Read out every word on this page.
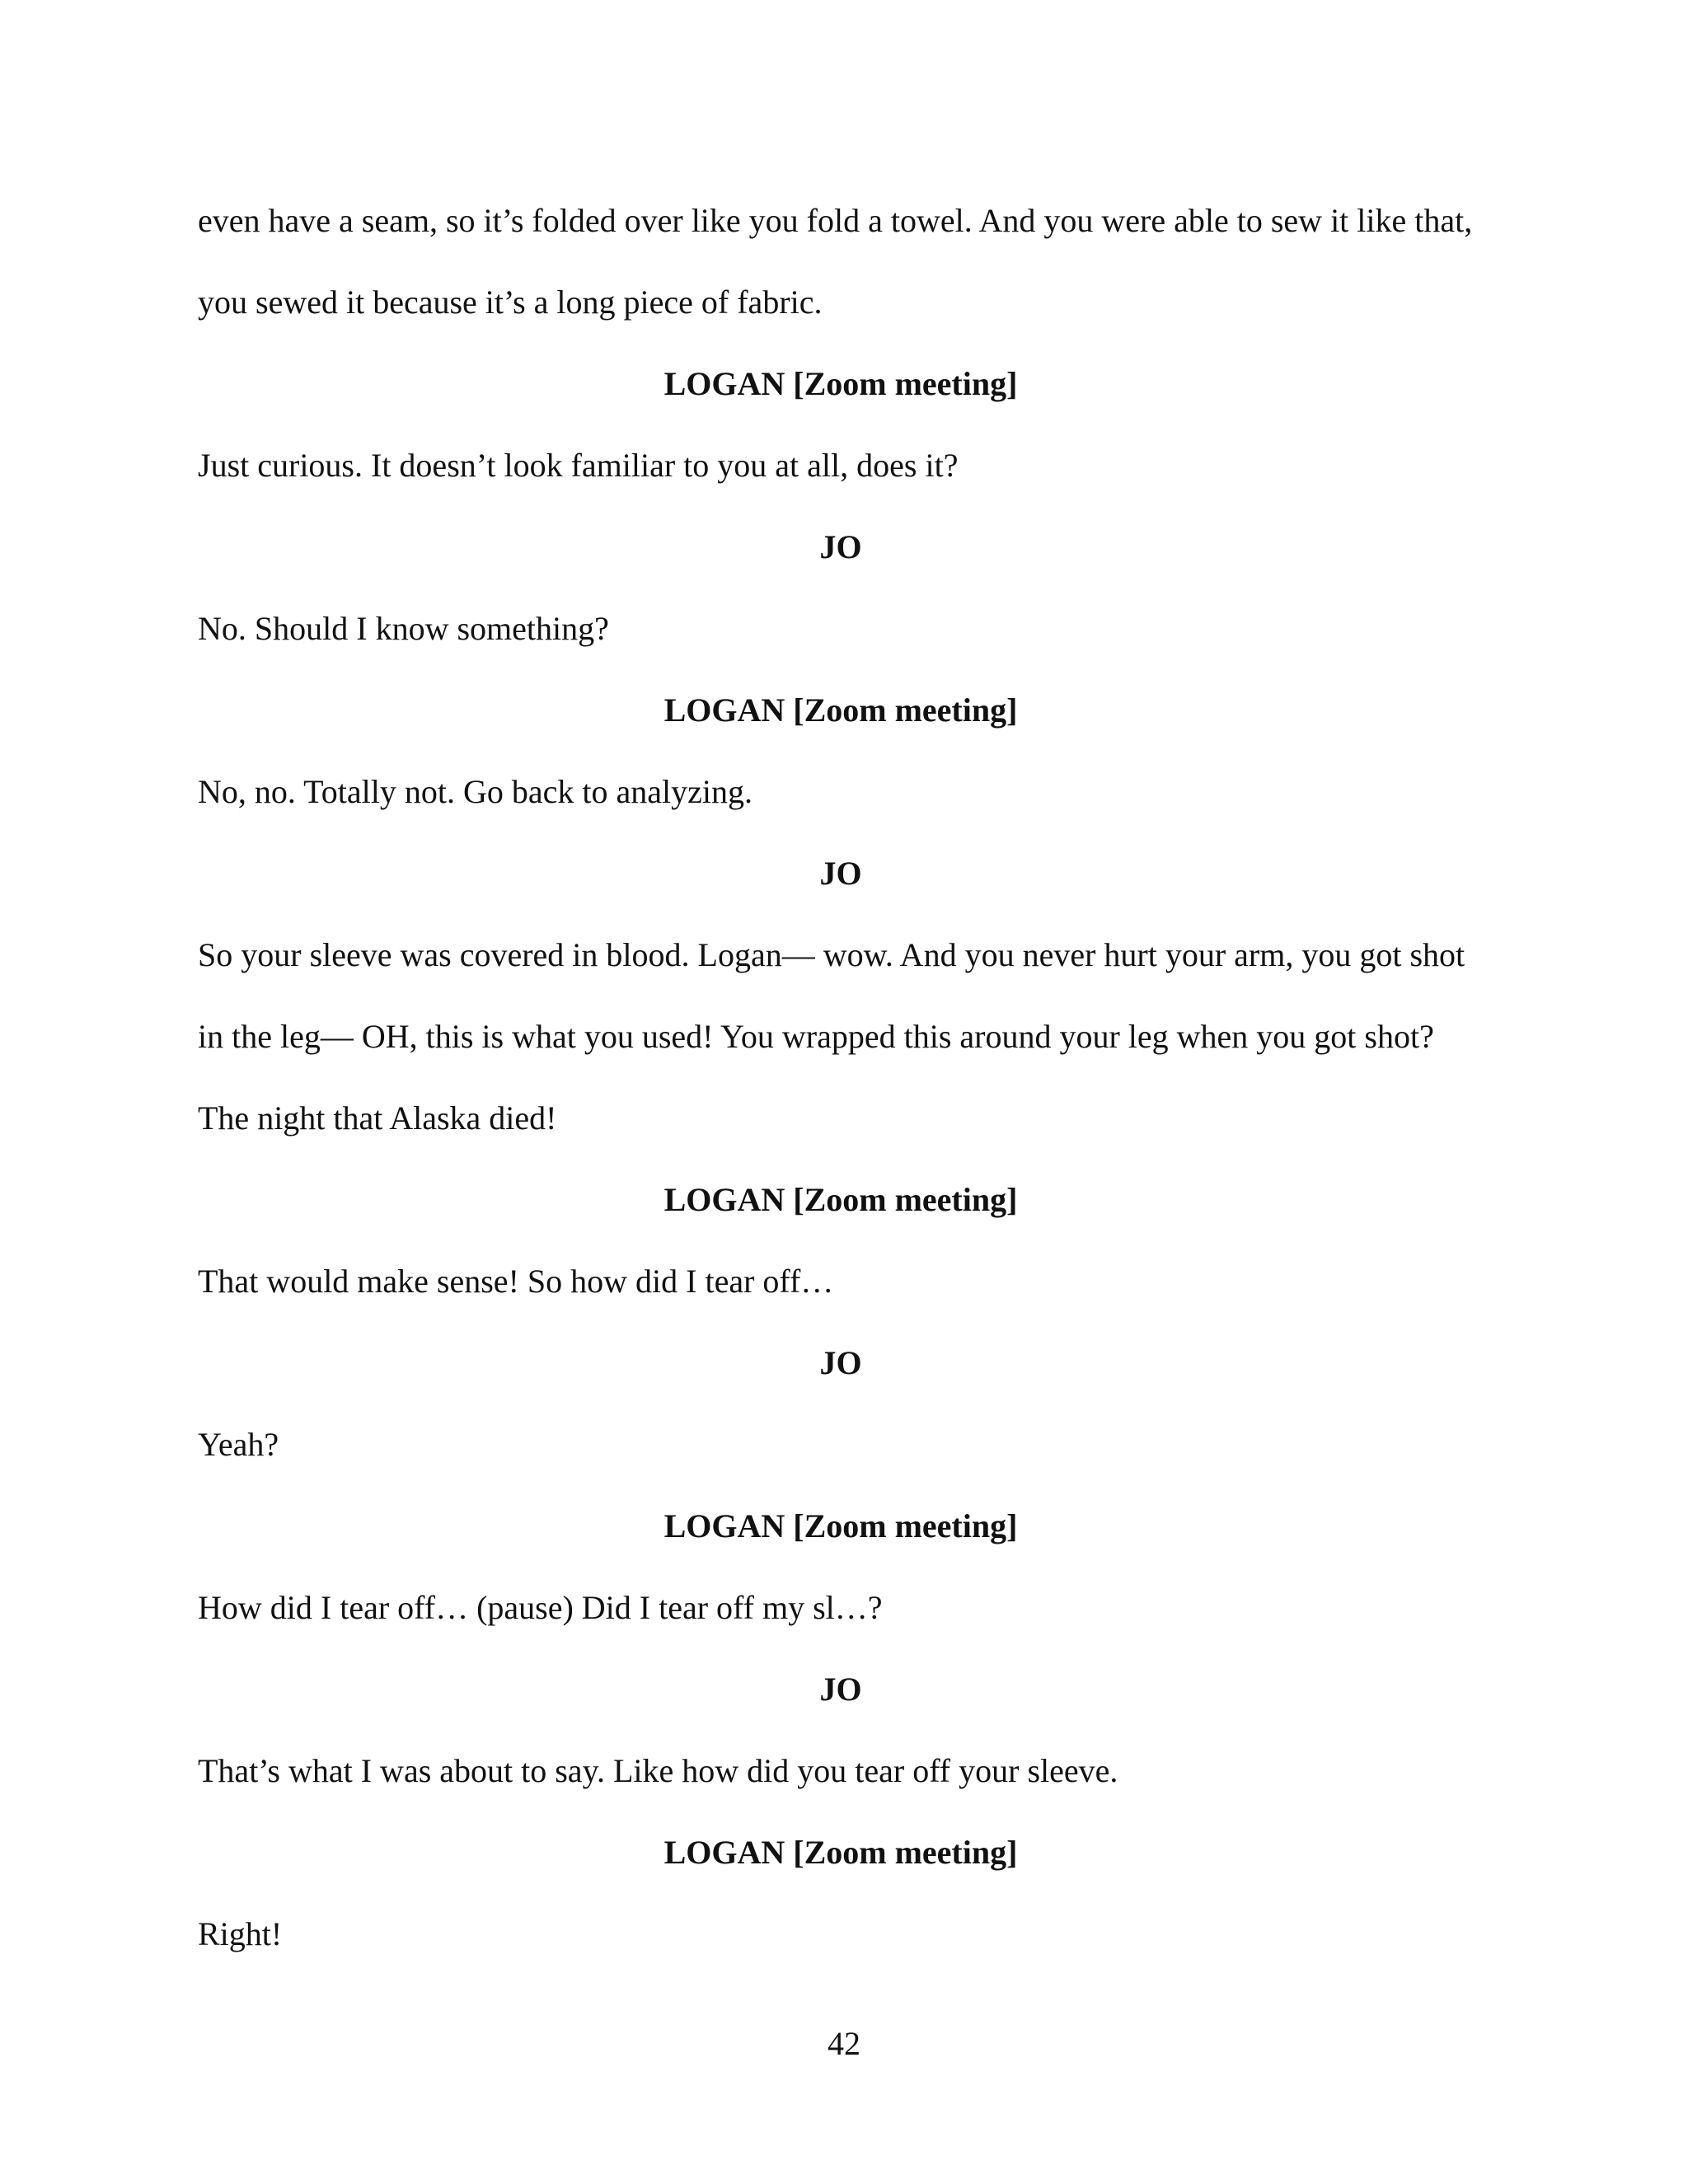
even have a seam, so it’s folded over like you fold a towel. And you were able to sew it like that,
you sewed it because it’s a long piece of fabric.
LOGAN [Zoom meeting]
Just curious. It doesn’t look familiar to you at all, does it?
JO
No. Should I know something?
LOGAN [Zoom meeting]
No, no. Totally not. Go back to analyzing.
JO
So your sleeve was covered in blood. Logan— wow. And you never hurt your arm, you got shot
in the leg— OH, this is what you used! You wrapped this around your leg when you got shot?
The night that Alaska died!
LOGAN [Zoom meeting]
That would make sense! So how did I tear off…
JO
Yeah?
LOGAN [Zoom meeting]
How did I tear off… (pause) Did I tear off my sl…?
JO
That’s what I was about to say. Like how did you tear off your sleeve.
LOGAN [Zoom meeting]
Right!
42
